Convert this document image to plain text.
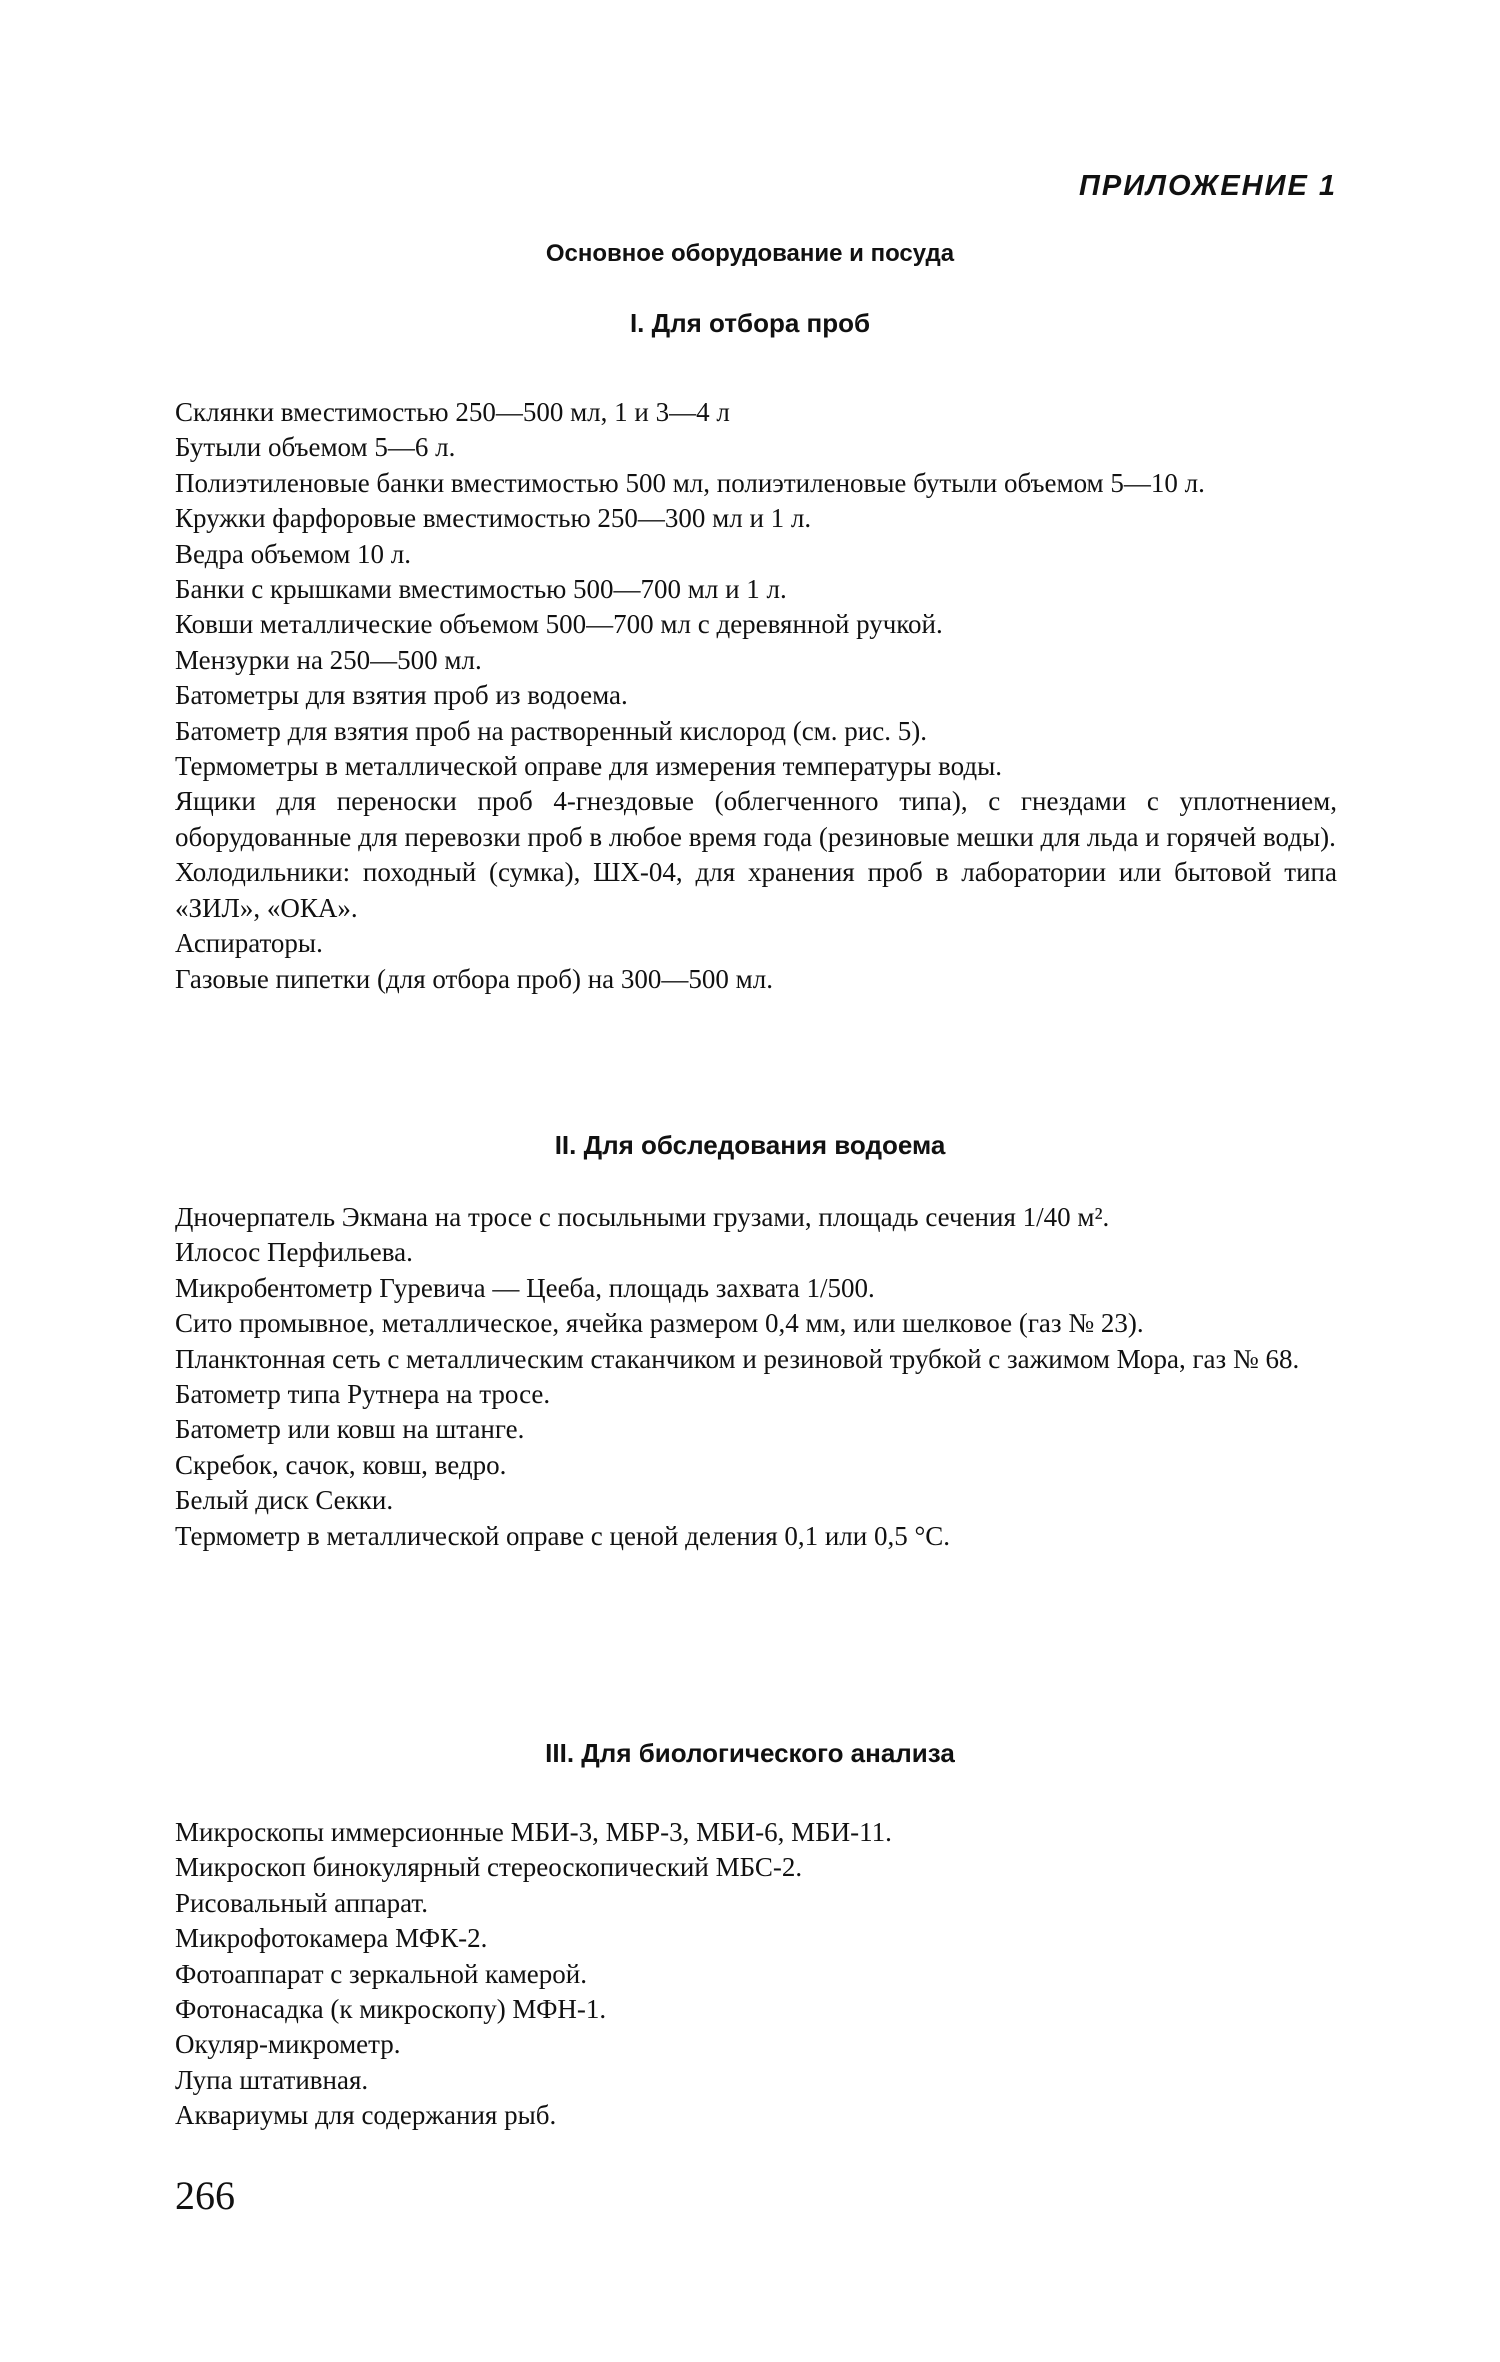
ПРИЛОЖЕНИЕ 1
Основное оборудование и посуда
I. Для отбора проб
Склянки вместимостью 250—500 мл, 1 и 3—4 л
Бутыли объемом 5—6 л.
Полиэтиленовые банки вместимостью 500 мл, полиэтиленовые бутыли объемом 5—10 л.
Кружки фарфоровые вместимостью 250—300 мл и 1 л.
Ведра объемом 10 л.
Банки с крышками вместимостью 500—700 мл и 1 л.
Ковши металлические объемом 500—700 мл с деревянной ручкой.
Мензурки на 250—500 мл.
Батометры для взятия проб из водоема.
Батометр для взятия проб на растворенный кислород (см. рис. 5).
Термометры в металлической оправе для измерения температуры воды.
Ящики для переноски проб 4-гнездовые (облегченного типа), с гнездами с уплотнением, оборудованные для перевозки проб в любое время года (резиновые мешки для льда и горячей воды).
Холодильники: походный (сумка), ШХ-04, для хранения проб в лаборатории или бытовой типа «ЗИЛ», «ОКА».
Аспираторы.
Газовые пипетки (для отбора проб) на 300—500 мл.
II. Для обследования водоема
Дночерпатель Экмана на тросе с посыльными грузами, площадь сечения 1/40 м².
Илосос Перфильева.
Микробентометр Гуревича — Цееба, площадь захвата 1/500.
Сито промывное, металлическое, ячейка размером 0,4 мм, или шелковое (газ № 23).
Планктонная сеть с металлическим стаканчиком и резиновой трубкой с зажимом Мора, газ № 68.
Батометр типа Рутнера на тросе.
Батометр или ковш на штанге.
Скребок, сачок, ковш, ведро.
Белый диск Секки.
Термометр в металлической оправе с ценой деления 0,1 или 0,5 °С.
III. Для биологического анализа
Микроскопы иммерсионные МБИ-3, МБР-3, МБИ-6, МБИ-11.
Микроскоп бинокулярный стереоскопический МБС-2.
Рисовальный аппарат.
Микрофотокамера МФК-2.
Фотоаппарат с зеркальной камерой.
Фотонасадка (к микроскопу) МФН-1.
Окуляр-микрометр.
Лупа штативная.
Аквариумы для содержания рыб.
266
